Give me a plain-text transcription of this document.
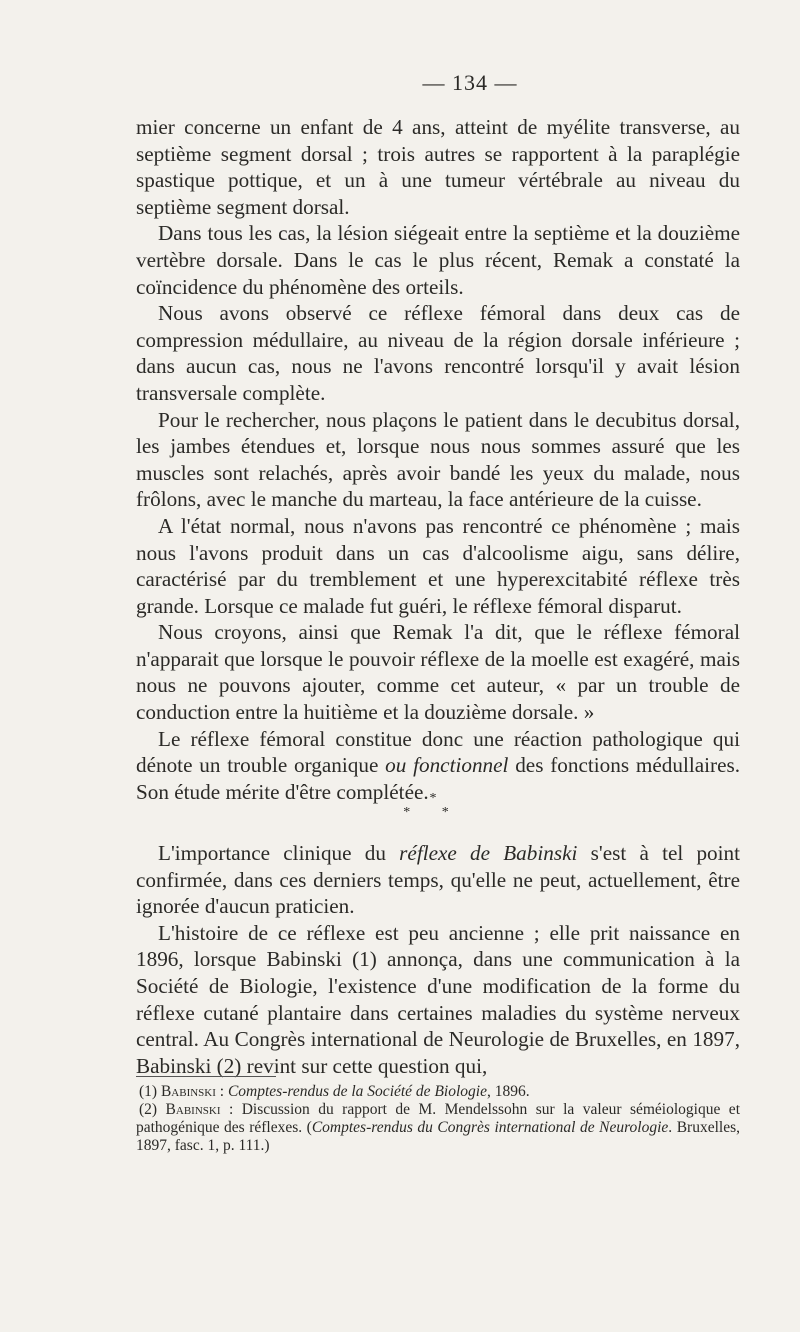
— 134 —

mier concerne un enfant de 4 ans, atteint de myélite transverse, au septième segment dorsal ; trois autres se rapportent à la paraplégie spastique pottique, et un à une tumeur vértébrale au niveau du septième segment dorsal.

Dans tous les cas, la lésion siégeait entre la septième et la douzième vertèbre dorsale. Dans le cas le plus récent, Remak a constaté la coïncidence du phénomène des orteils.

Nous avons observé ce réflexe fémoral dans deux cas de compression médullaire, au niveau de la région dorsale inférieure ; dans aucun cas, nous ne l'avons rencontré lorsqu'il y avait lésion transversale complète.

Pour le rechercher, nous plaçons le patient dans le decubitus dorsal, les jambes étendues et, lorsque nous nous sommes assuré que les muscles sont relachés, après avoir bandé les yeux du malade, nous frôlons, avec le manche du marteau, la face antérieure de la cuisse.

A l'état normal, nous n'avons pas rencontré ce phénomène ; mais nous l'avons produit dans un cas d'alcoolisme aigu, sans délire, caractérisé par du tremblement et une hyperexcitabité réflexe très grande. Lorsque ce malade fut guéri, le réflexe fémoral disparut.

Nous croyons, ainsi que Remak l'a dit, que le réflexe fémoral n'apparait que lorsque le pouvoir réflexe de la moelle est exagéré, mais nous ne pouvons ajouter, comme cet auteur, « par un trouble de conduction entre la huitième et la douzième dorsale. »

Le réflexe fémoral constitue donc une réaction pathologique qui dénote un trouble organique ou fonctionnel des fonctions médullaires. Son étude mérite d'être complétée. *
* *

L'importance clinique du réflexe de Babinski s'est à tel point confirmée, dans ces derniers temps, qu'elle ne peut, actuellement, être ignorée d'aucun praticien.

L'histoire de ce réflexe est peu ancienne ; elle prit naissance en 1896, lorsque Babinski (1) annonça, dans une communication à la Société de Biologie, l'existence d'une modification de la forme du réflexe cutané plantaire dans certaines maladies du système nerveux central. Au Congrès international de Neurologie de Bruxelles, en 1897, Babinski (2) revint sur cette question qui,

(1) Babinski : Comptes-rendus de la Société de Biologie, 1896.

(2) Babinski : Discussion du rapport de M. Mendelssohn sur la valeur séméiologique et pathogénique des réflexes. (Comptes-rendus du Congrès international de Neurologie. Bruxelles, 1897, fasc. 1, p. 111.)
